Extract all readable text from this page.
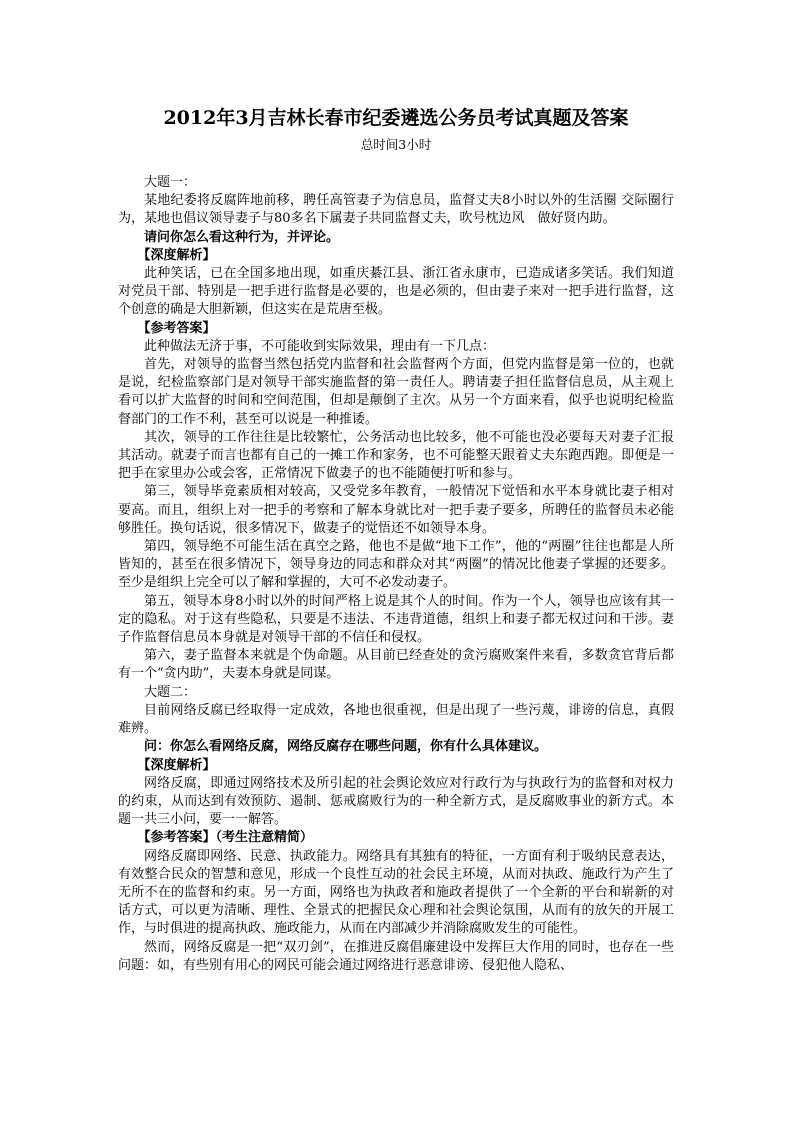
2012年3月吉林长春市纪委遴选公务员考试真题及答案
总时间3小时

大题一：

某地纪委将反腐阵地前移，聘任高管妻子为信息员，监督丈夫8小时以外的生活圈 交际圈行为，某地也倡议领导妻子与80多名下属妻子共同监督丈夫，吹号枕边风　做好贤内助。

请问你怎么看这种行为，并评论。

【深度解析】

此种笑话，已在全国多地出现，如重庆綦江县、浙江省永康市，已造成诸多笑话。我们知道对党员干部、特别是一把手进行监督是必要的，也是必须的，但由妻子来对一把手进行监督，这个创意的确是大胆新颖，但这实在是荒唐至极。

【参考答案】

此种做法无济于事，不可能收到实际效果，理由有一下几点：

首先，对领导的监督当然包括党内监督和社会监督两个方面，但党内监督是第一位的，也就是说，纪检监察部门是对领导干部实施监督的第一责任人。聘请妻子担任监督信息员，从主观上看可以扩大监督的时间和空间范围，但却是颠倒了主次。从另一个方面来看，似乎也说明纪检监督部门的工作不利，甚至可以说是一种推诿。

其次，领导的工作往往是比较繁忙，公务活动也比较多，他不可能也没必要每天对妻子汇报其活动。就妻子而言也都有自己的一摊工作和家务，也不可能整天跟着丈夫东跑西跑。即便是一把手在家里办公或会客，正常情况下做妻子的也不能随便打听和参与。

第三，领导毕竟素质相对较高，又受党多年教育，一般情况下觉悟和水平本身就比妻子相对要高。而且，组织上对一把手的考察和了解本身就比对一把手妻子要多，所聘任的监督员未必能够胜任。换句话说，很多情况下，做妻子的觉悟还不如领导本身。

第四，领导绝不可能生活在真空之路，他也不是做“地下工作”，他的“两圈”往往也都是人所皆知的，甚至在很多情况下，领导身边的同志和群众对其“两圈”的情况比他妻子掌握的还要多。至少是组织上完全可以了解和掌握的，大可不必发动妻子。

第五，领导本身8小时以外的时间严格上说是其个人的时间。作为一个人，领导也应该有其一定的隐私。对于这有些隐私，只要是不违法、不违背道德，组织上和妻子都无权过问和干涉。妻子作监督信息员本身就是对领导干部的不信任和侵权。

第六，妻子监督本来就是个伪命题。从目前已经查处的贪污腐败案件来看，多数贪官背后都有一个“贪内助”，夫妻本身就是同谋。

大题二：

目前网络反腐已经取得一定成效，各地也很重视，但是出现了一些污蔑，诽谤的信息，真假难辨。

问：你怎么看网络反腐，网络反腐存在哪些问题，你有什么具体建议。

【深度解析】

网络反腐，即通过网络技术及所引起的社会舆论效应对行政行为与执政行为的监督和对权力的约束，从而达到有效预防、遏制、惩戒腐败行为的一种全新方式，是反腐败事业的新方式。本题一共三小问，要一一解答。

【参考答案】（考生注意精简）

网络反腐即网络、民意、执政能力。网络具有其独有的特征，一方面有利于吸纳民意表达，有效整合民众的智慧和意见，形成一个良性互动的社会民主环境，从而对执政、施政行为产生了无所不在的监督和约束。另一方面，网络也为执政者和施政者提供了一个全新的平台和崭新的对话方式，可以更为清晰、理性、全景式的把握民众心理和社会舆论氛围，从而有的放矢的开展工作，与时俱进的提高执政、施政能力，从而在内部减少并消除腐败发生的可能性。

然而，网络反腐是一把“双刃剑”，在推进反腐倡廉建设中发挥巨大作用的同时，也存在一些问题：如，有些别有用心的网民可能会通过网络进行恶意诽谤、侵犯他人隐私、
